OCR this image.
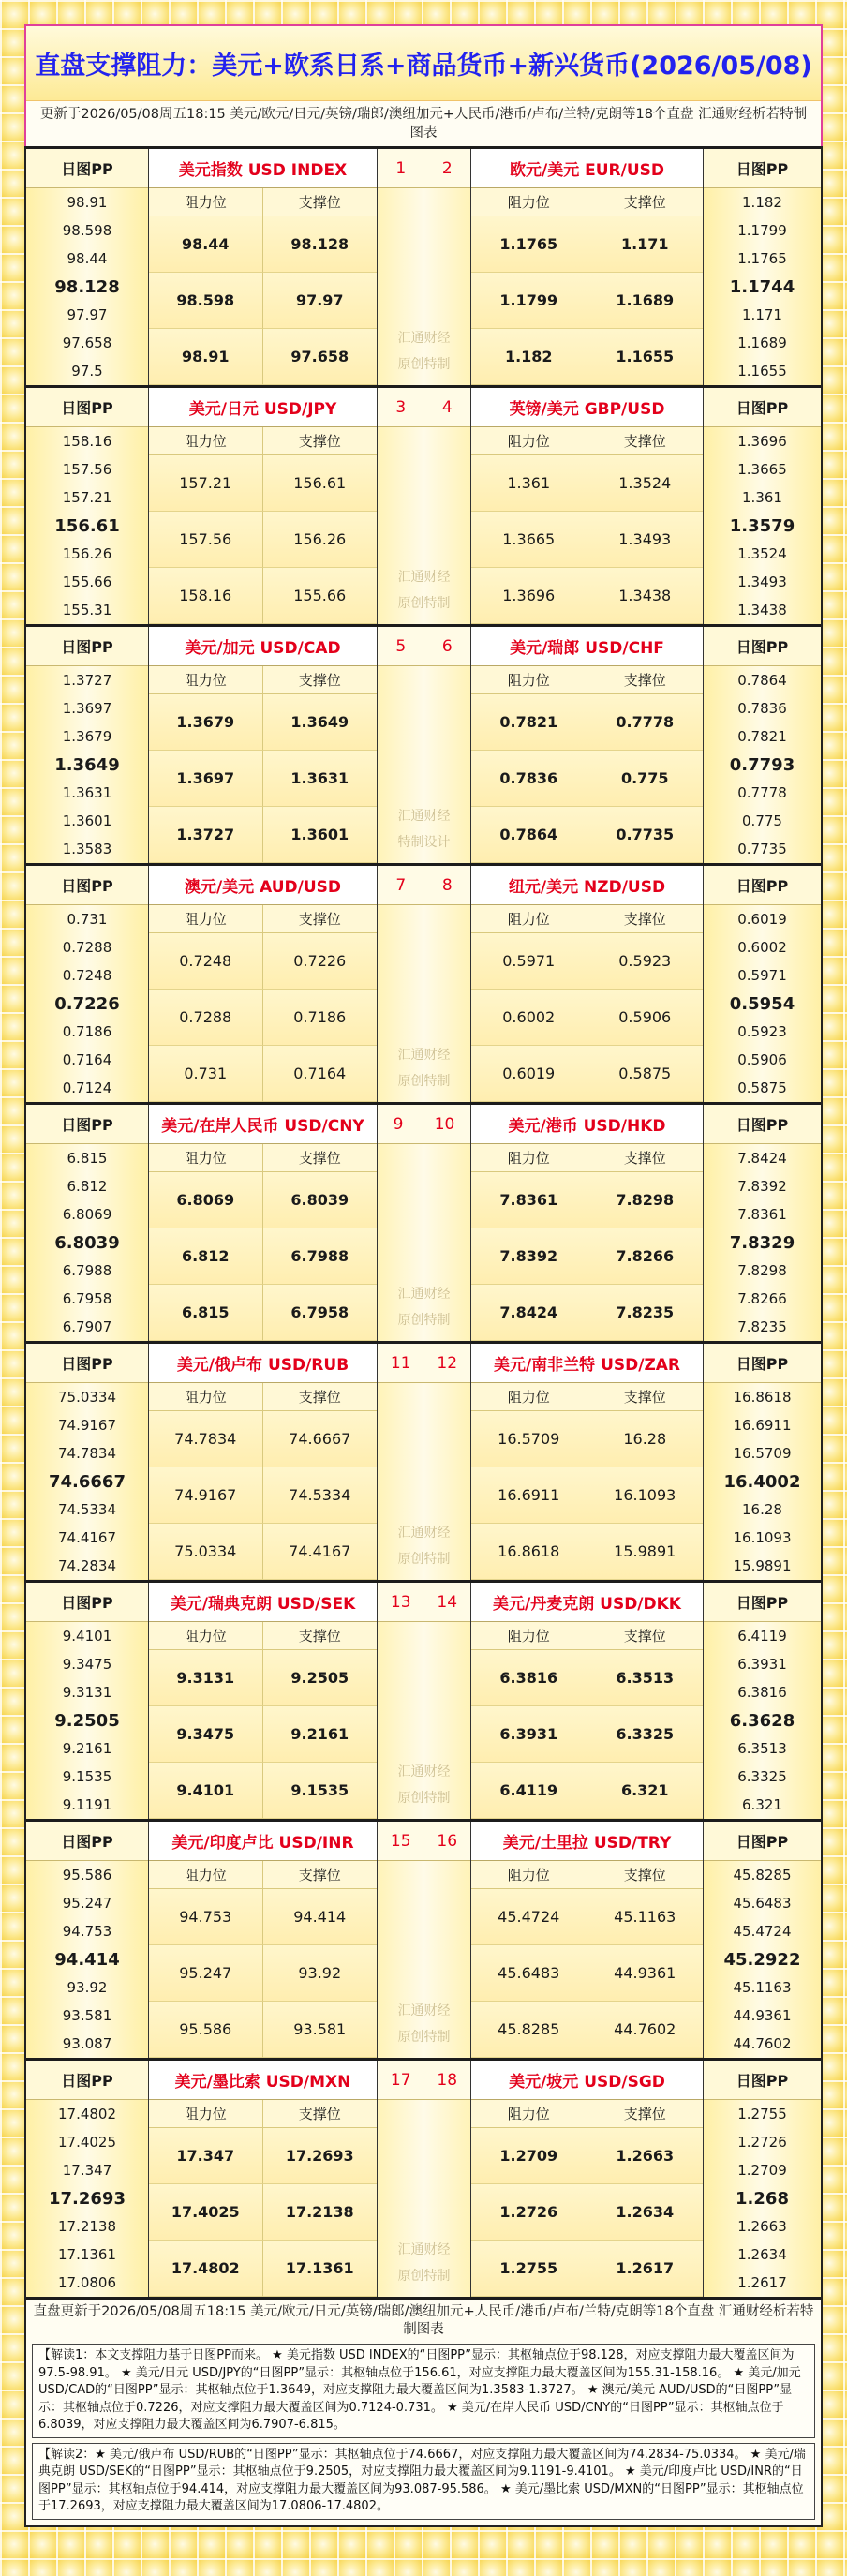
直盘支撑阻力：美元+欧系日系+商品货币+新兴货币(2026/05/08)
更新于2026/05/08周五18:15 美元/欧元/日元/英镑/瑞郎/澳纽加元+人民币/港币/卢布/兰特/克朗等18个直盘 汇通财经析若特制图表
日图PP
98.91
98.598
98.44
98.128
97.97
97.658
97.5
美元指数 USD INDEX
阻力位	支撑位
98.44	98.128
98.598	97.97
98.91	97.658
1 2
汇通财经
原创特制
欧元/美元 EUR/USD
阻力位	支撑位
1.1765	1.171
1.1799	1.1689
1.182	1.1655
日图PP
1.182
1.1799
1.1765
1.1744
1.171
1.1689
1.1655
日图PP
158.16
157.56
157.21
156.61
156.26
155.66
155.31
美元/日元 USD/JPY
阻力位	支撑位
157.21	156.61
157.56	156.26
158.16	155.66
3 4
汇通财经
原创特制
英镑/美元 GBP/USD
阻力位	支撑位
1.361	1.3524
1.3665	1.3493
1.3696	1.3438
日图PP
1.3696
1.3665
1.361
1.3579
1.3524
1.3493
1.3438
日图PP
1.3727
1.3697
1.3679
1.3649
1.3631
1.3601
1.3583
美元/加元 USD/CAD
阻力位	支撑位
1.3679	1.3649
1.3697	1.3631
1.3727	1.3601
5 6
汇通财经
特制设计
美元/瑞郎 USD/CHF
阻力位	支撑位
0.7821	0.7778
0.7836	0.775
0.7864	0.7735
日图PP
0.7864
0.7836
0.7821
0.7793
0.7778
0.775
0.7735
日图PP
0.731
0.7288
0.7248
0.7226
0.7186
0.7164
0.7124
澳元/美元 AUD/USD
阻力位	支撑位
0.7248	0.7226
0.7288	0.7186
0.731	0.7164
7 8
汇通财经
原创特制
纽元/美元 NZD/USD
阻力位	支撑位
0.5971	0.5923
0.6002	0.5906
0.6019	0.5875
日图PP
0.6019
0.6002
0.5971
0.5954
0.5923
0.5906
0.5875
日图PP
6.815
6.812
6.8069
6.8039
6.7988
6.7958
6.7907
美元/在岸人民币 USD/CNY
阻力位	支撑位
6.8069	6.8039
6.812	6.7988
6.815	6.7958
9 10
汇通财经
原创特制
美元/港币 USD/HKD
阻力位	支撑位
7.8361	7.8298
7.8392	7.8266
7.8424	7.8235
日图PP
7.8424
7.8392
7.8361
7.8329
7.8298
7.8266
7.8235
日图PP
75.0334
74.9167
74.7834
74.6667
74.5334
74.4167
74.2834
美元/俄卢布 USD/RUB
阻力位	支撑位
74.7834	74.6667
74.9167	74.5334
75.0334	74.4167
11 12
汇通财经
原创特制
美元/南非兰特 USD/ZAR
阻力位	支撑位
16.5709	16.28
16.6911	16.1093
16.8618	15.9891
日图PP
16.8618
16.6911
16.5709
16.4002
16.28
16.1093
15.9891
日图PP
9.4101
9.3475
9.3131
9.2505
9.2161
9.1535
9.1191
美元/瑞典克朗 USD/SEK
阻力位	支撑位
9.3131	9.2505
9.3475	9.2161
9.4101	9.1535
13 14
汇通财经
原创特制
美元/丹麦克朗 USD/DKK
阻力位	支撑位
6.3816	6.3513
6.3931	6.3325
6.4119	6.321
日图PP
6.4119
6.3931
6.3816
6.3628
6.3513
6.3325
6.321
日图PP
95.586
95.247
94.753
94.414
93.92
93.581
93.087
美元/印度卢比 USD/INR
阻力位	支撑位
94.753	94.414
95.247	93.92
95.586	93.581
15 16
汇通财经
原创特制
美元/土里拉 USD/TRY
阻力位	支撑位
45.4724	45.1163
45.6483	44.9361
45.8285	44.7602
日图PP
45.8285
45.6483
45.4724
45.2922
45.1163
44.9361
44.7602
日图PP
17.4802
17.4025
17.347
17.2693
17.2138
17.1361
17.0806
美元/墨比索 USD/MXN
阻力位	支撑位
17.347	17.2693
17.4025	17.2138
17.4802	17.1361
17 18
汇通财经
原创特制
美元/坡元 USD/SGD
阻力位	支撑位
1.2709	1.2663
1.2726	1.2634
1.2755	1.2617
日图PP
1.2755
1.2726
1.2709
1.268
1.2663
1.2634
1.2617
直盘更新于2026/05/08周五18:15 美元/欧元/日元/英镑/瑞郎/澳纽加元+人民币/港币/卢布/兰特/克朗等18个直盘 汇通财经析若特制图表
【解读1：本文支撑阻力基于日图PP而来。 ★ 美元指数 USD INDEX的“日图PP”显示：其枢轴点位于98.128，对应支撑阻力最大覆盖区间为97.5-98.91。 ★ 美元/日元 USD/JPY的“日图PP”显示：其枢轴点位于156.61，对应支撑阻力最大覆盖区间为155.31-158.16。 ★ 美元/加元 USD/CAD的“日图PP”显示：其枢轴点位于1.3649，对应支撑阻力最大覆盖区间为1.3583-1.3727。 ★ 澳元/美元 AUD/USD的“日图PP”显示：其枢轴点位于0.7226，对应支撑阻力最大覆盖区间为0.7124-0.731。 ★ 美元/在岸人民币 USD/CNY的“日图PP”显示：其枢轴点位于6.8039，对应支撑阻力最大覆盖区间为6.7907-6.815。
【解读2：★ 美元/俄卢布 USD/RUB的“日图PP”显示：其枢轴点位于74.6667，对应支撑阻力最大覆盖区间为74.2834-75.0334。 ★ 美元/瑞典克朗 USD/SEK的“日图PP”显示：其枢轴点位于9.2505，对应支撑阻力最大覆盖区间为9.1191-9.4101。 ★ 美元/印度卢比 USD/INR的“日图PP”显示：其枢轴点位于94.414，对应支撑阻力最大覆盖区间为93.087-95.586。 ★ 美元/墨比索 USD/MXN的“日图PP”显示：其枢轴点位于17.2693，对应支撑阻力最大覆盖区间为17.0806-17.4802。
